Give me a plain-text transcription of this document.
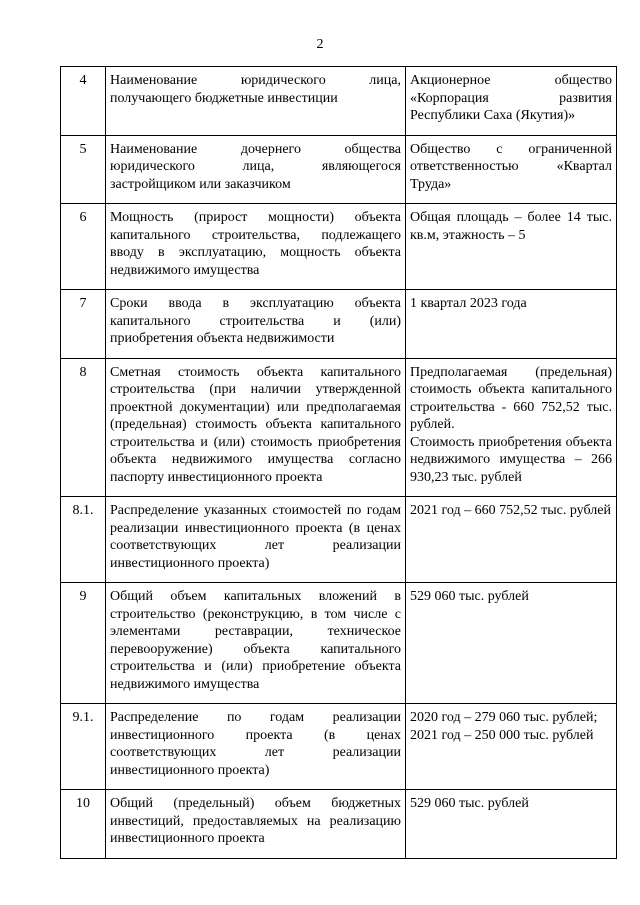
2
4	Наименование юридического лица, получающего бюджетные инвестиции	Акционерное общество «Корпорация развития Республики Саха (Якутия)»
5	Наименование дочернего общества юридического лица, являющегося застройщиком или заказчиком	Общество с ограниченной ответственностью «Квартал Труда»
6	Мощность (прирост мощности) объекта капитального строительства, подлежащего вводу в эксплуатацию, мощность объекта недвижимого имущества	Общая площадь – более 14 тыс. кв.м, этажность – 5
7	Сроки ввода в эксплуатацию объекта капитального строительства и (или) приобретения объекта недвижимости	1 квартал 2023 года
8	Сметная стоимость объекта капитального строительства (при наличии утвержденной проектной документации) или предполагаемая (предельная) стоимость объекта капитального строительства и (или) стоимость приобретения объекта недвижимого имущества согласно паспорту инвестиционного проекта	Предполагаемая (предельная) стоимость объекта капитального строительства - 660 752,52 тыс. рублей.
Стоимость приобретения объекта недвижимого имущества – 266 930,23 тыс. рублей

8.1.	Распределение указанных стоимостей по годам реализации инвестиционного проекта (в ценах соответствующих лет реализации инвестиционного проекта)	2021 год – 660 752,52 тыс. рублей
9	Общий объем капитальных вложений в строительство (реконструкцию, в том числе с элементами реставрации, техническое перевооружение) объекта капитального строительства и (или) приобретение объекта недвижимого имущества	529 060 тыс. рублей
9.1.	Распределение по годам реализации инвестиционного проекта (в ценах соответствующих лет реализации инвестиционного проекта)	2020 год – 279 060 тыс. рублей;
2021 год – 250 000 тыс. рублей

10	Общий (предельный) объем бюджетных инвестиций, предоставляемых на реализацию инвестиционного проекта	529 060 тыс. рублей
